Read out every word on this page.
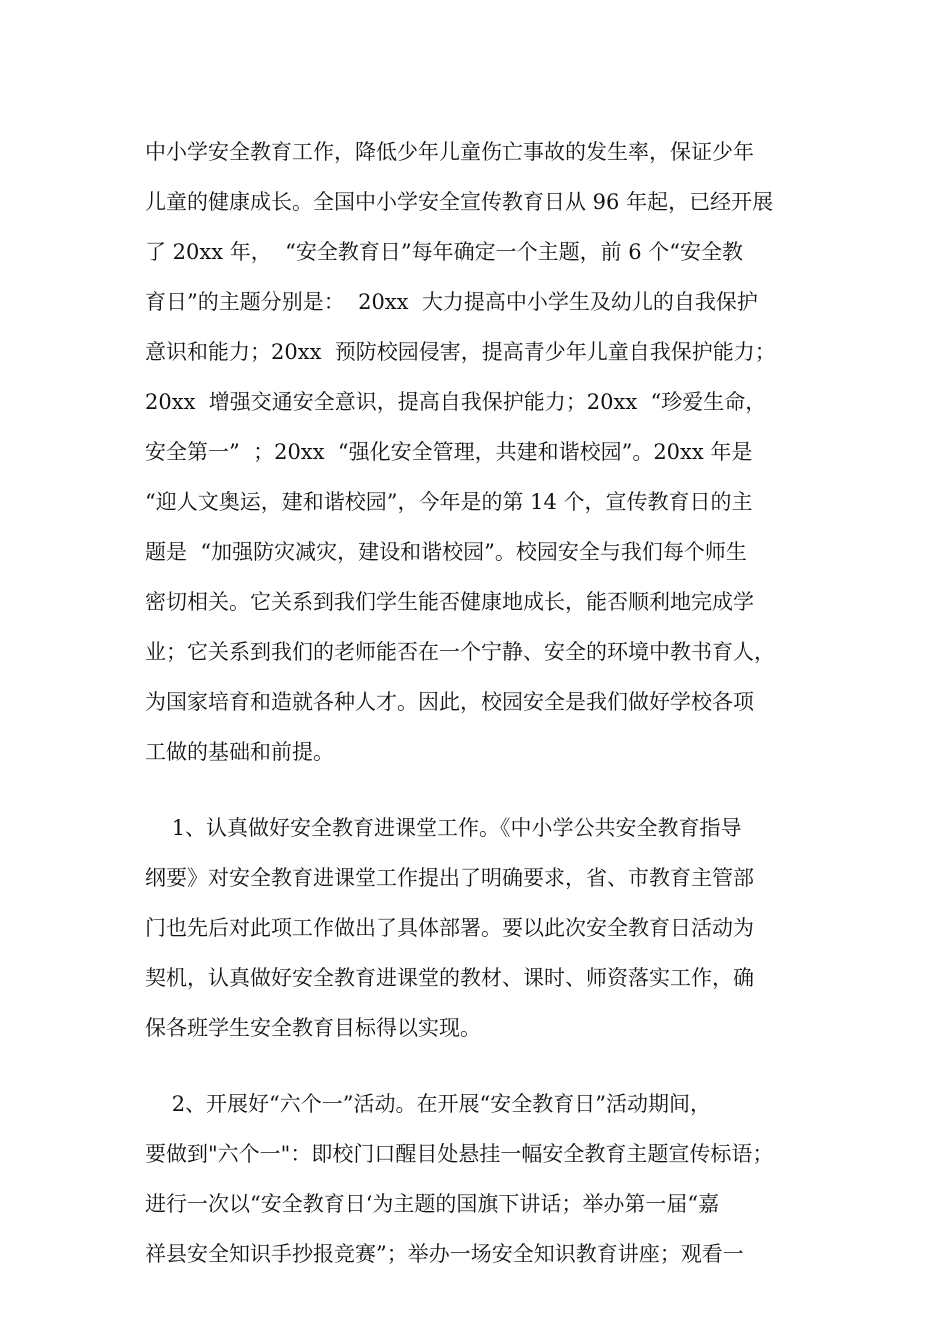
中小学安全教育工作，降低少年儿童伤亡事故的发生率，保证少年
儿童的健康成长。全国中小学安全宣传教育日从 96 年起，已经开展
了 20xx 年，  “安全教育日”每年确定一个主题，前 6 个“安全教
育日”的主题分别是：  20xx  大力提高中小学生及幼儿的自我保护
意识和能力；20xx  预防校园侵害，提高青少年儿童自我保护能力；
20xx  增强交通安全意识，提高自我保护能力；20xx  “珍爱生命，
安全第一”  ；20xx  “强化安全管理，共建和谐校园”。20xx 年是
“迎人文奥运，建和谐校园”，今年是的第 14 个，宣传教育日的主
题是  “加强防灾减灾，建设和谐校园”。校园安全与我们每个师生
密切相关。它关系到我们学生能否健康地成长，能否顺利地完成学
业；它关系到我们的老师能否在一个宁静、安全的环境中教书育人，
为国家培育和造就各种人才。因此，校园安全是我们做好学校各项
工做的基础和前提。
1、认真做好安全教育进课堂工作。《中小学公共安全教育指导
纲要》对安全教育进课堂工作提出了明确要求，省、市教育主管部
门也先后对此项工作做出了具体部署。要以此次安全教育日活动为
契机，认真做好安全教育进课堂的教材、课时、师资落实工作，确
保各班学生安全教育目标得以实现。
2、开展好“六个一”活动。在开展“安全教育日”活动期间，
要做到"六个一"：即校门口醒目处悬挂一幅安全教育主题宣传标语；
进行一次以“安全教育日‘为主题的国旗下讲话；举办第一届“嘉
祥县安全知识手抄报竞赛”；举办一场安全知识教育讲座；观看一
